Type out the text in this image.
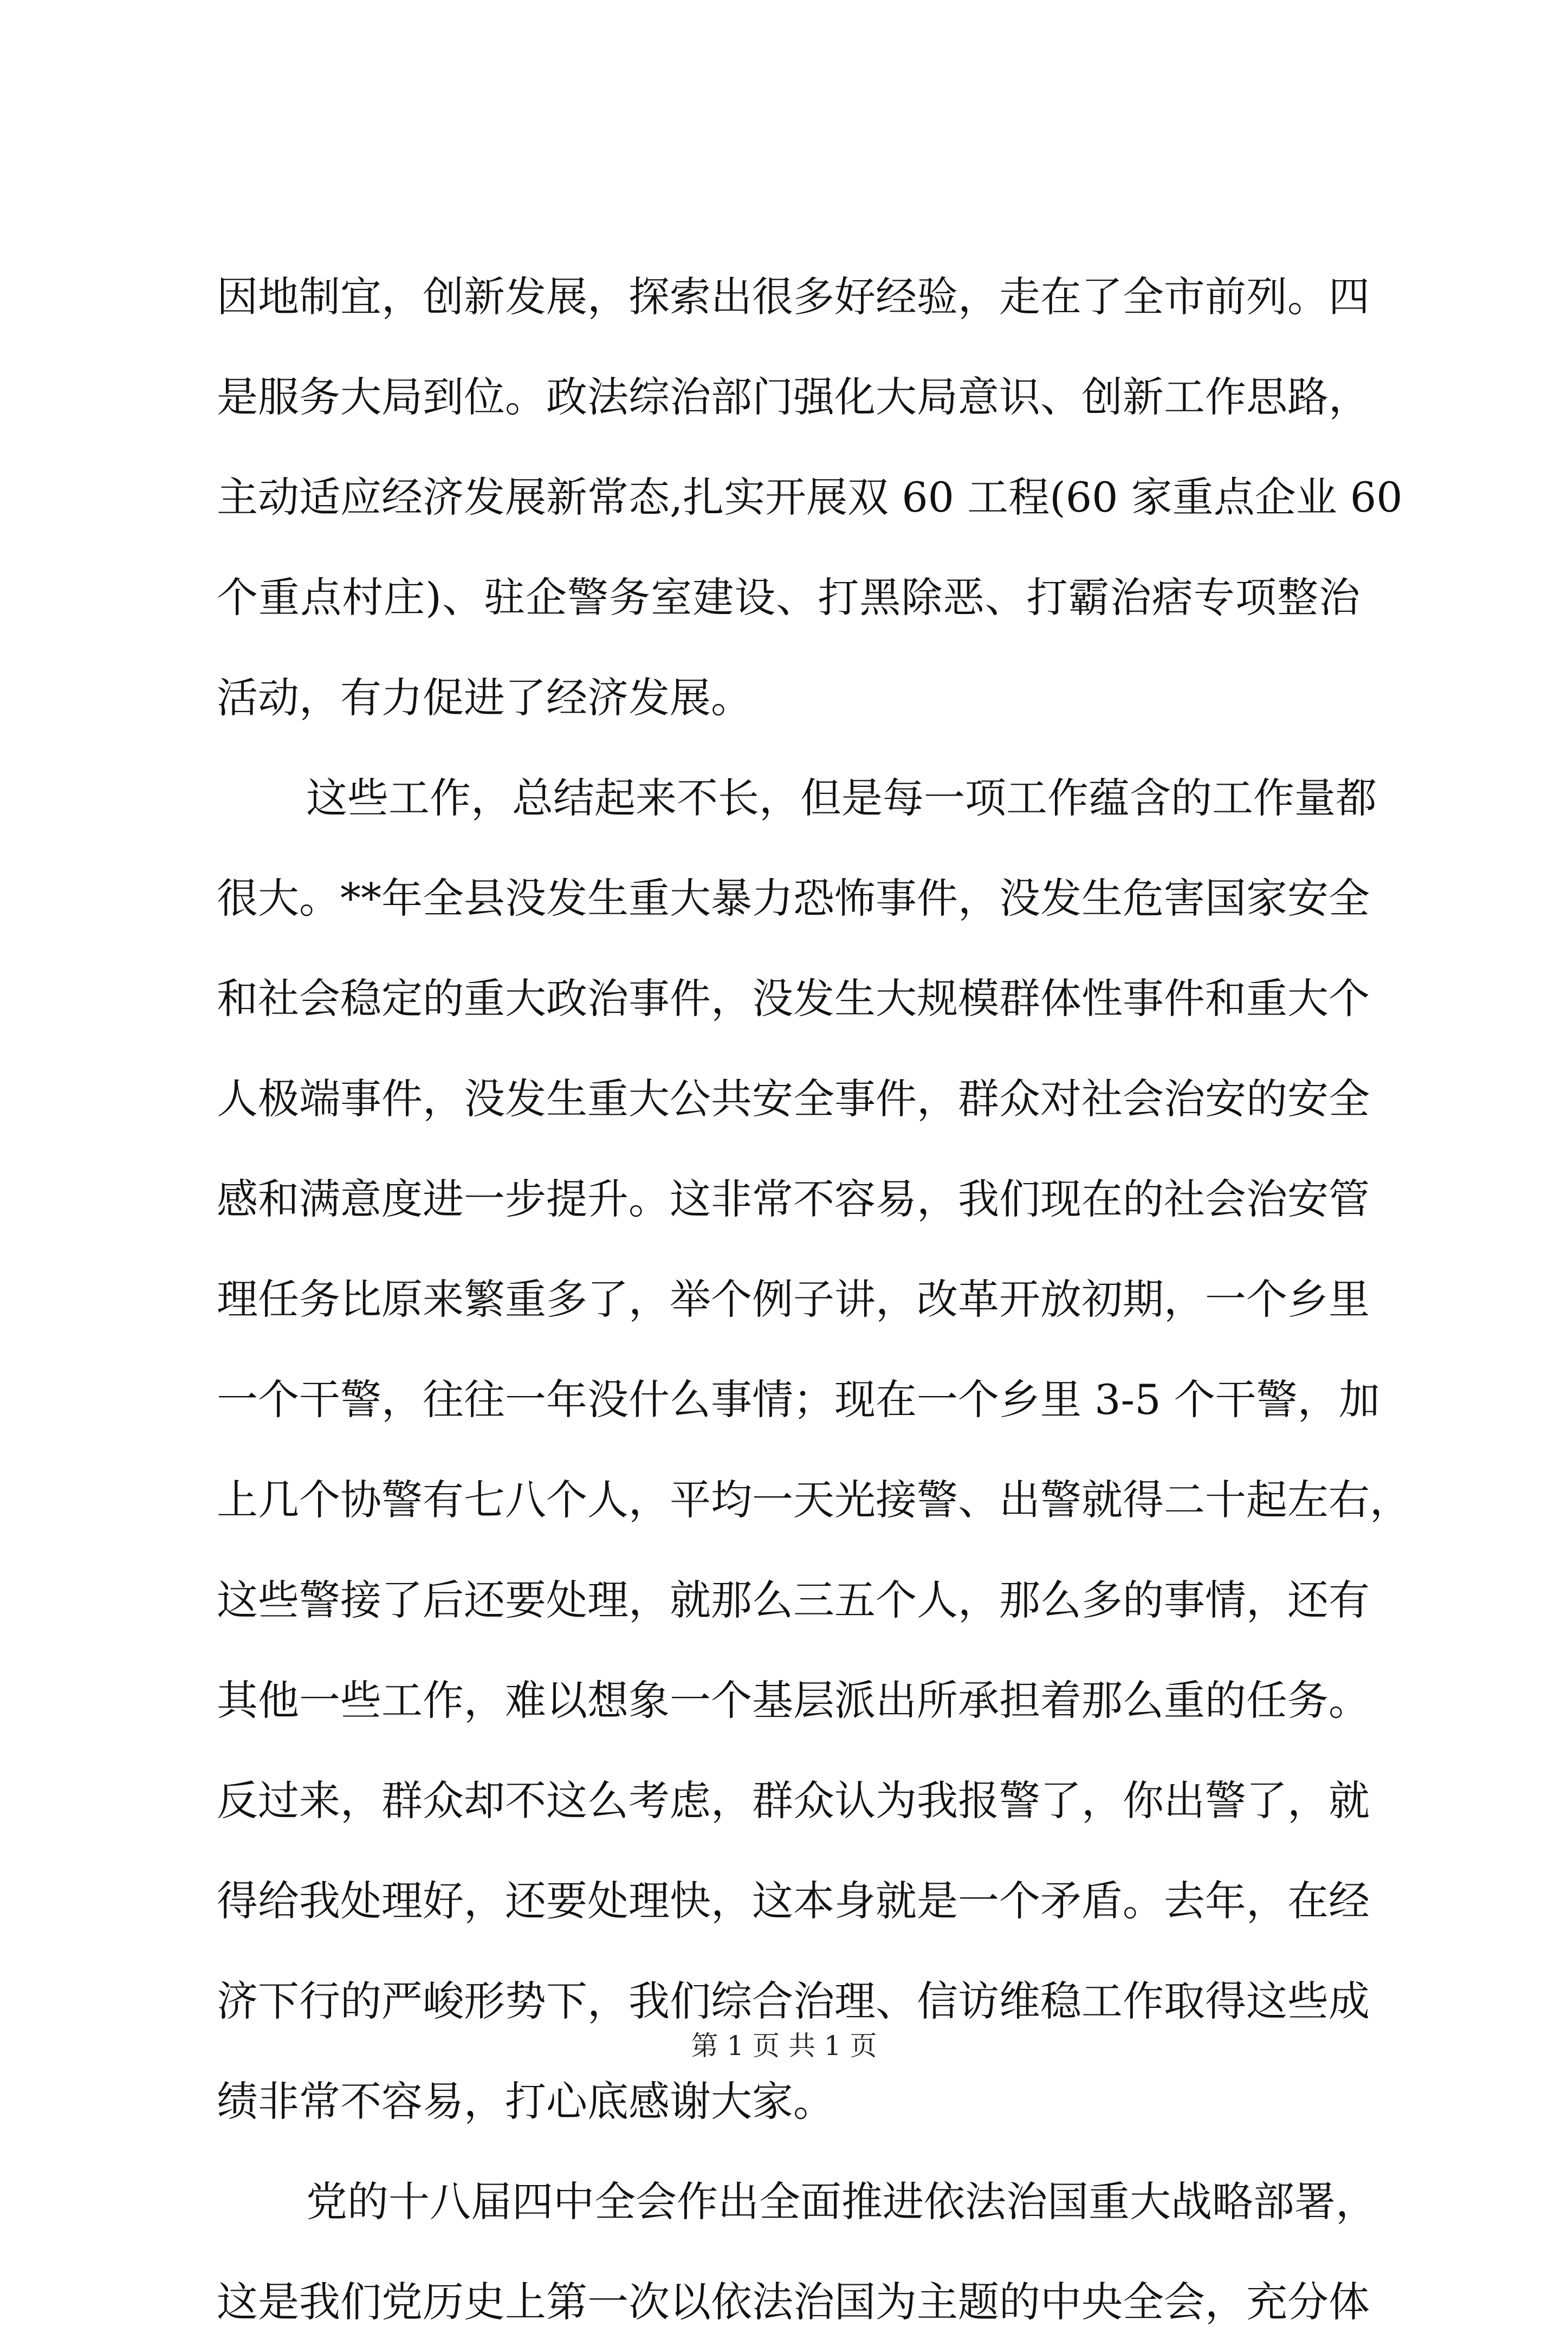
因地制宜，创新发展，探索出很多好经验，走在了全市前列。四
是服务大局到位。政法综治部门强化大局意识、创新工作思路，
主动适应经济发展新常态,扎实开展双 60 工程(60 家重点企业 60
个重点村庄)、驻企警务室建设、打黑除恶、打霸治痞专项整治
活动，有力促进了经济发展。
这些工作，总结起来不长，但是每一项工作蕴含的工作量都
很大。**年全县没发生重大暴力恐怖事件，没发生危害国家安全
和社会稳定的重大政治事件，没发生大规模群体性事件和重大个
人极端事件，没发生重大公共安全事件，群众对社会治安的安全
感和满意度进一步提升。这非常不容易，我们现在的社会治安管
理任务比原来繁重多了，举个例子讲，改革开放初期，一个乡里
一个干警，往往一年没什么事情；现在一个乡里 3-5 个干警，加
上几个协警有七八个人，平均一天光接警、出警就得二十起左右，
这些警接了后还要处理，就那么三五个人，那么多的事情，还有
其他一些工作，难以想象一个基层派出所承担着那么重的任务。
反过来，群众却不这么考虑，群众认为我报警了，你出警了，就
得给我处理好，还要处理快，这本身就是一个矛盾。去年，在经
济下行的严峻形势下，我们综合治理、信访维稳工作取得这些成
绩非常不容易，打心底感谢大家。
党的十八届四中全会作出全面推进依法治国重大战略部署，
这是我们党历史上第一次以依法治国为主题的中央全会，充分体
第 1 页 共 1 页
